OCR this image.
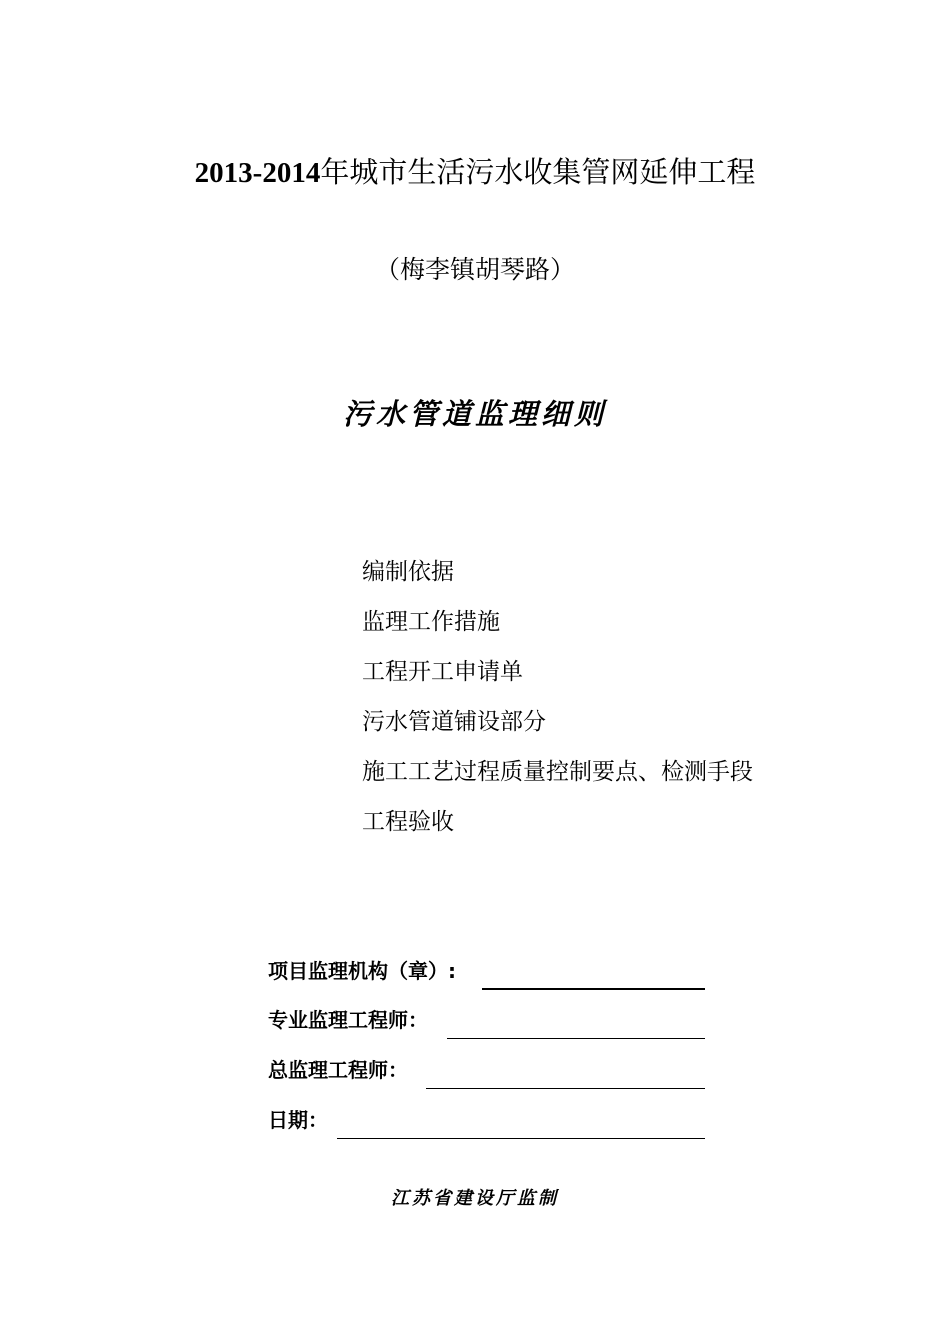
2013-2014年城市生活污水收集管网延伸工程
（梅李镇胡琴路）
污水管道监理细则
编制依据
监理工作措施
工程开工申请单
污水管道铺设部分
施工工艺过程质量控制要点、检测手段
工程验收
项目监理机构（章）:
专业监理工程师：
总监理工程师：
日期：
江苏省建设厅监制
